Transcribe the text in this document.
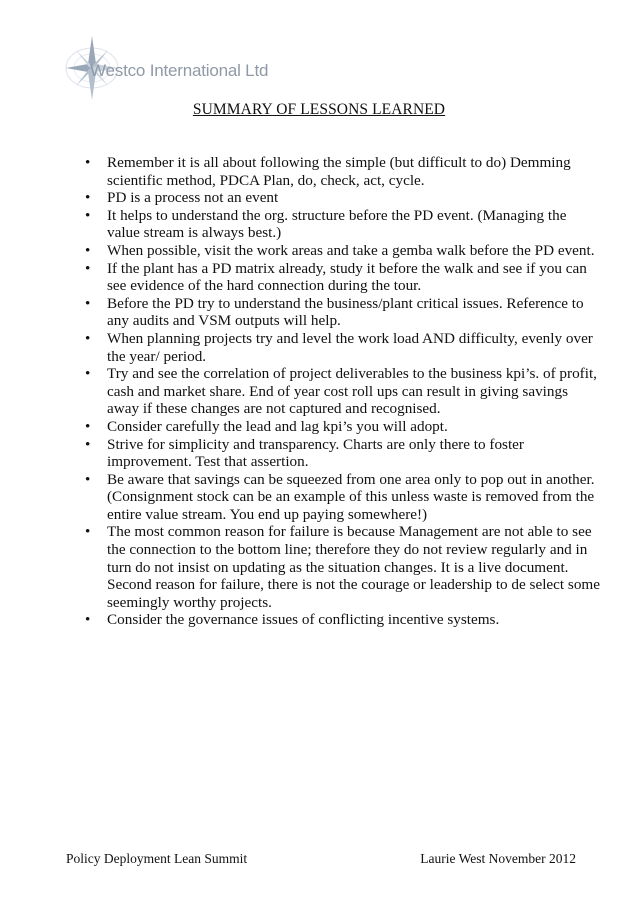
Westco International Ltd
SUMMARY OF LESSONS LEARNED
• Remember it is all about following the simple (but difficult to do) Demming scientific method, PDCA Plan, do, check, act, cycle.
• PD is a process not an event
• It helps to understand the org. structure before the PD event. (Managing the value stream is always best.)
• When possible, visit the work areas and take a gemba walk before the PD event.
• If the plant has a PD matrix already, study it before the walk and see if you can see evidence of the hard connection during the tour.
• Before the PD try to understand the business/plant critical issues. Reference to any audits and VSM outputs will help.
• When planning projects try and level the work load AND difficulty, evenly over the year/ period.
• Try and see the correlation of project deliverables to the business kpi’s. of profit, cash and market share. End of year cost roll ups can result in giving savings away if these changes are not captured and recognised.
• Consider carefully the lead and lag kpi’s you will adopt.
• Strive for simplicity and transparency. Charts are only there to foster improvement. Test that assertion.
• Be aware that savings can be squeezed from one area only to pop out in another. (Consignment stock can be an example of this unless waste is removed from the entire value stream. You end up paying somewhere!)
• The most common reason for failure is because Management are not able to see the connection to the bottom line; therefore they do not review regularly and in turn do not insist on updating as the situation changes. It is a live document. Second reason for failure, there is not the courage or leadership to de select some seemingly worthy projects.
• Consider the governance issues of conflicting incentive systems.
Policy Deployment Lean Summit	Laurie West November 2012
